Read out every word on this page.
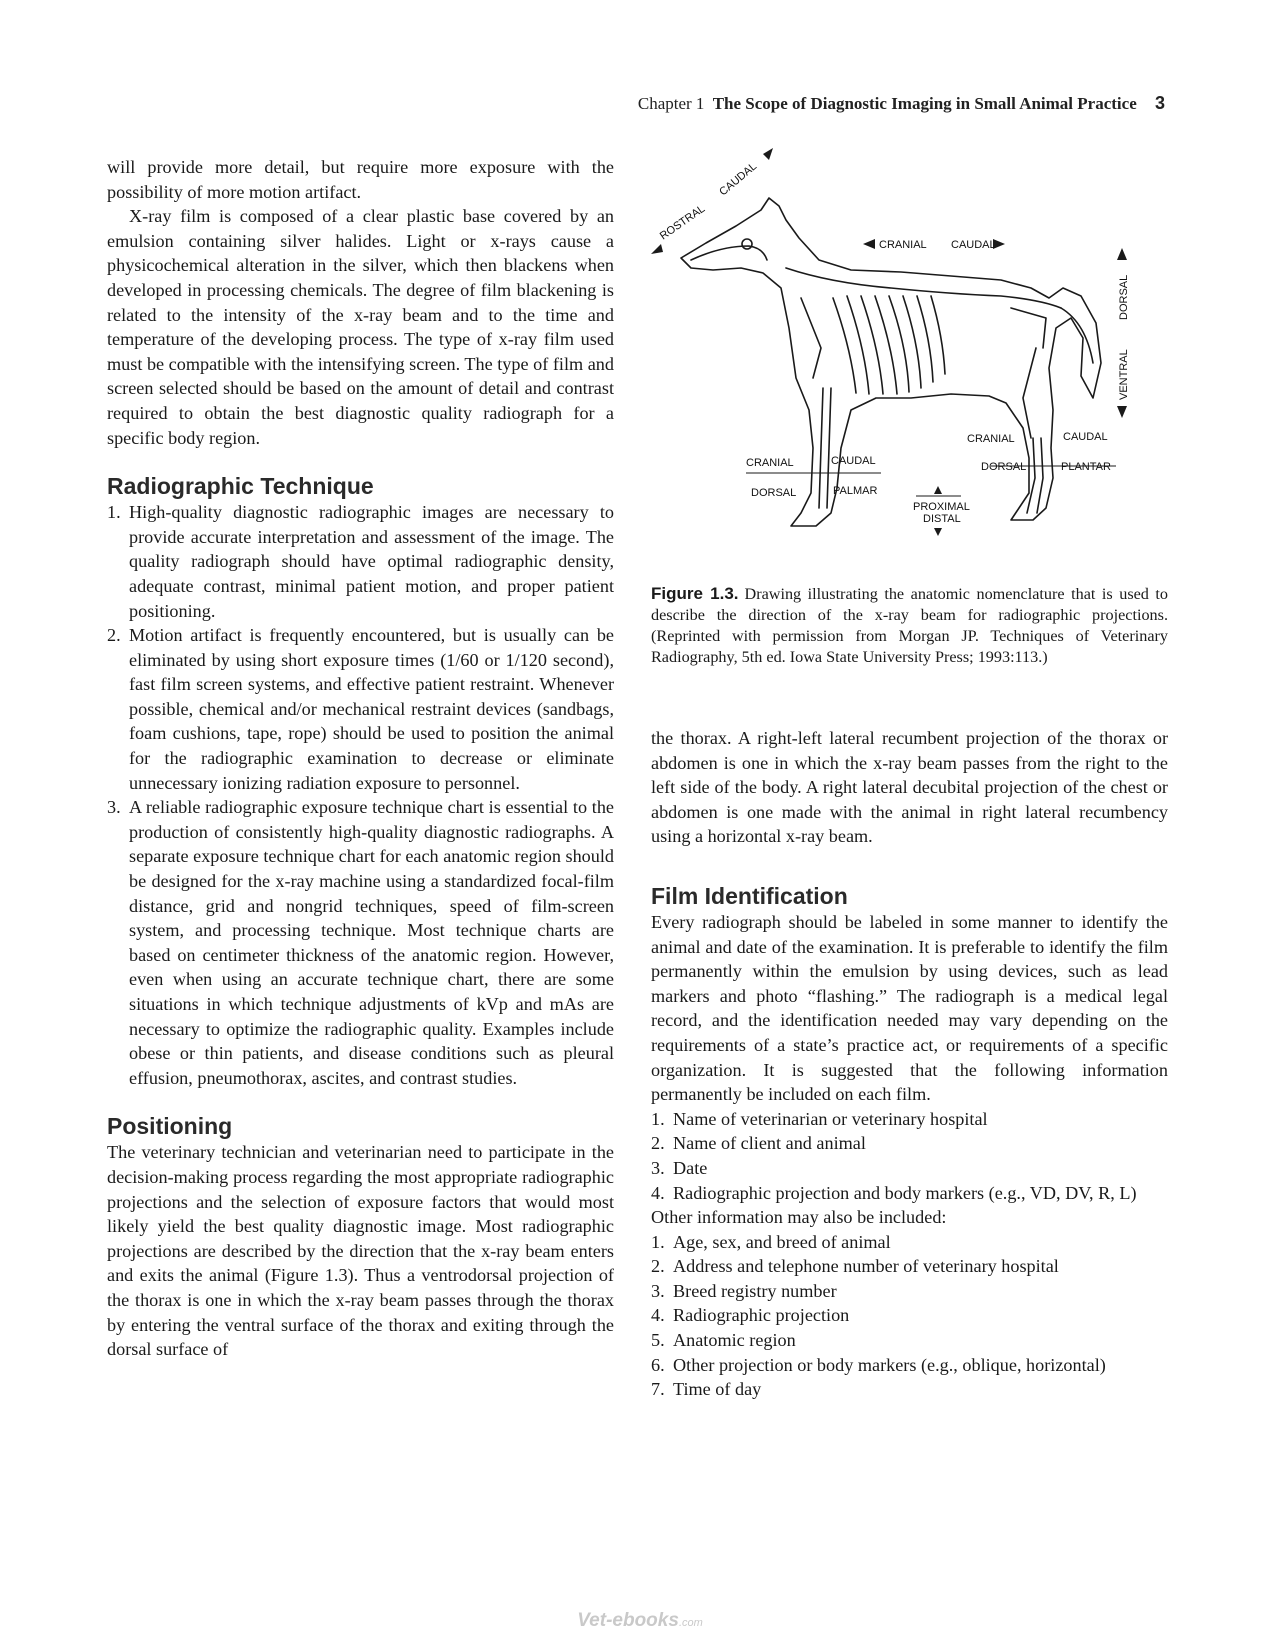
Chapter 1 The Scope of Diagnostic Imaging in Small Animal Practice 3

will provide more detail, but require more exposure with the possibility of more motion artifact.

X-ray film is composed of a clear plastic base covered by an emulsion containing silver halides. Light or x-rays cause a physicochemical alteration in the silver, which then blackens when developed in processing chemicals. The degree of film blackening is related to the intensity of the x-ray beam and to the time and temperature of the developing process. The type of x-ray film used must be compatible with the intensifying screen. The type of film and screen selected should be based on the amount of detail and contrast required to obtain the best diagnostic quality radiograph for a specific body region.

Radiographic Technique
1. High-quality diagnostic radiographic images are necessary to provide accurate interpretation and assessment of the image. The quality radiograph should have optimal radiographic density, adequate contrast, minimal patient motion, and proper patient positioning.
2. Motion artifact is frequently encountered, but is usually can be eliminated by using short exposure times (1/60 or 1/120 second), fast film screen systems, and effective patient restraint. Whenever possible, chemical and/or mechanical restraint devices (sandbags, foam cushions, tape, rope) should be used to position the animal for the radiographic examination to decrease or eliminate unnecessary ionizing radiation exposure to personnel.
3. A reliable radiographic exposure technique chart is essential to the production of consistently high-quality diagnostic radiographs. A separate exposure technique chart for each anatomic region should be designed for the x-ray machine using a standardized focal-film distance, grid and nongrid techniques, speed of film-screen system, and processing technique. Most technique charts are based on centimeter thickness of the anatomic region. However, even when using an accurate technique chart, there are some situations in which technique adjustments of kVp and mAs are necessary to optimize the radiographic quality. Examples include obese or thin patients, and disease conditions such as pleural effusion, pneumothorax, ascites, and contrast studies.
Positioning

The veterinary technician and veterinarian need to participate in the decision-making process regarding the most appropriate radiographic projections and the selection of exposure factors that would most likely yield the best quality diagnostic image. Most radiographic projections are described by the direction that the x-ray beam enters and exits the animal (Figure 1.3). Thus a ventrodorsal projection of the thorax is one in which the x-ray beam passes through the thorax by entering the ventral surface of the thorax and exiting through the dorsal surface of

ROSTRAL
CAUDAL
CRANIAL CAUDAL
DORSAL
VENTRAL
CRANIAL	CAUDAL
DORSAL	PALMAR
PROXIMAL
DISTAL
CRANIAL	CAUDAL
DORSAL	PLANTAR
Figure 1.3. Drawing illustrating the anatomic nomenclature that is used to describe the direction of the x-ray beam for radiographic projections. (Reprinted with permission from Morgan JP. Techniques of Veterinary Radiography, 5th ed. Iowa State University Press; 1993:113.)

the thorax. A right-left lateral recumbent projection of the thorax or abdomen is one in which the x-ray beam passes from the right to the left side of the body. A right lateral decubital projection of the chest or abdomen is one made with the animal in right lateral recumbency using a horizontal x-ray beam.

Film Identification

Every radiograph should be labeled in some manner to identify the animal and date of the examination. It is preferable to identify the film permanently within the emulsion by using devices, such as lead markers and photo “flashing.” The radiograph is a medical legal record, and the identification needed may vary depending on the requirements of a state’s practice act, or requirements of a specific organization. It is suggested that the following information permanently be included on each film.

1. Name of veterinarian or veterinary hospital
2. Name of client and animal
3. Date
4. Radiographic projection and body markers (e.g., VD, DV, R, L)

Other information may also be included:

1. Age, sex, and breed of animal
2. Address and telephone number of veterinary hospital
3. Breed registry number
4. Radiographic projection
5. Anatomic region
6. Other projection or body markers (e.g., oblique, horizontal)
7. Time of day
Vet-ebooks.com
